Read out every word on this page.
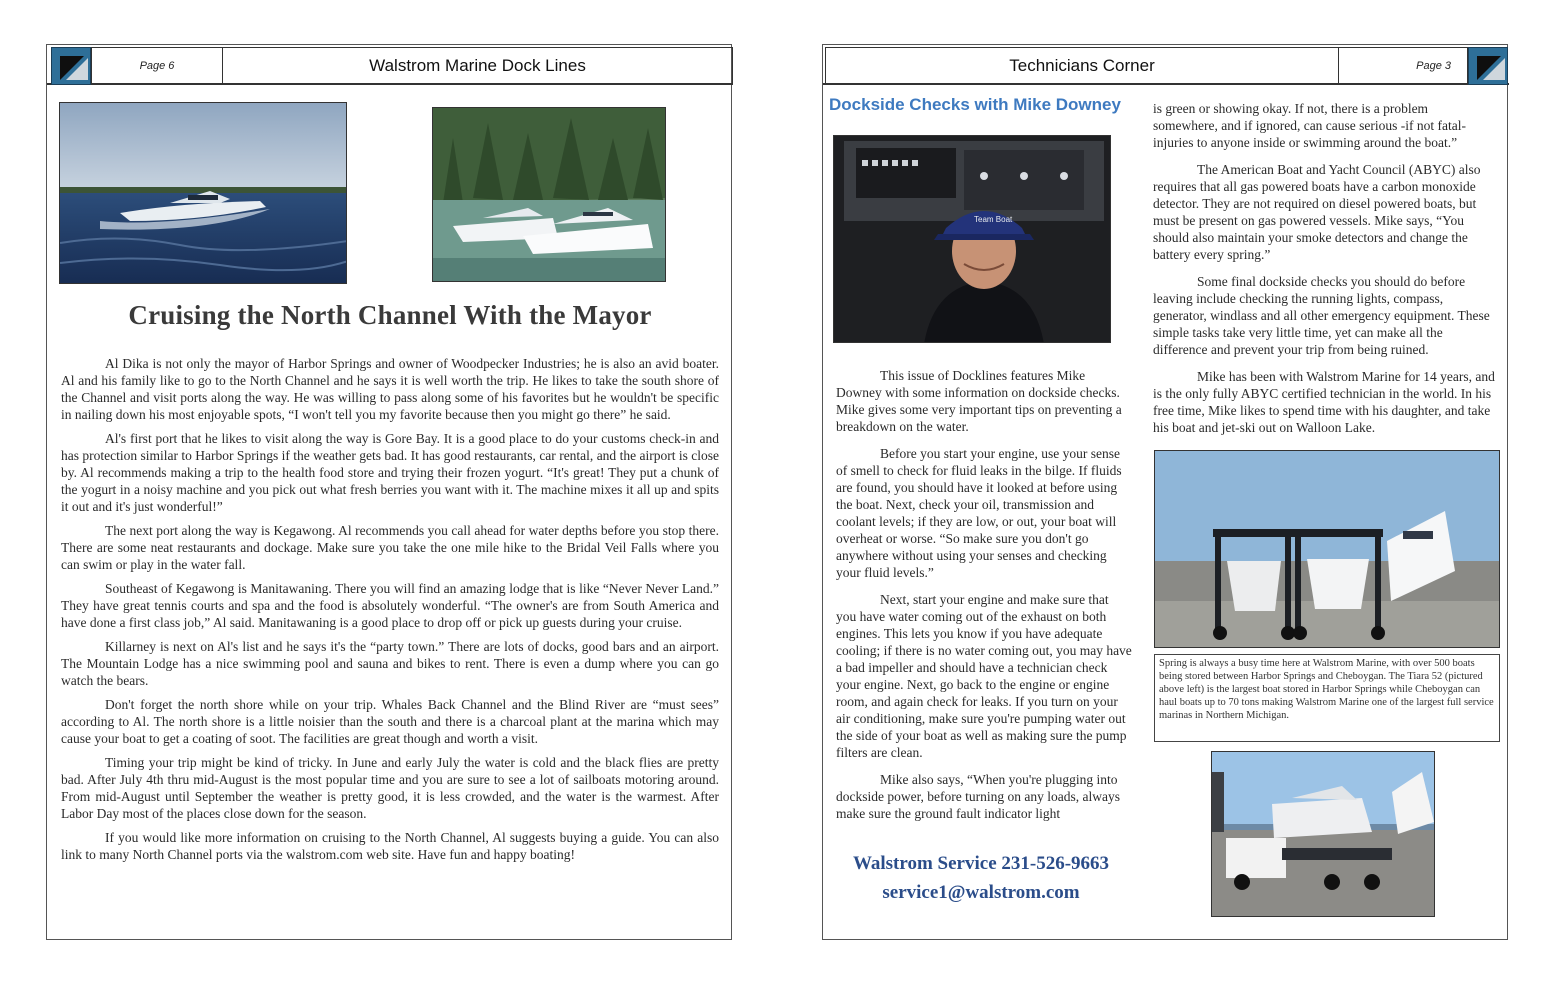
Page 6	Walstrom Marine Dock Lines
Cruising the North Channel With the Mayor

Al Dika is not only the mayor of Harbor Springs and owner of Woodpecker Industries; he is also an avid boater. Al and his family like to go to the North Channel and he says it is well worth the trip. He likes to take the south shore of the Channel and visit ports along the way. He was willing to pass along some of his favorites but he wouldn't be specific in nailing down his most enjoyable spots, “I won't tell you my favorite because then you might go there” he said.

Al's first port that he likes to visit along the way is Gore Bay. It is a good place to do your customs check-in and has protection similar to Harbor Springs if the weather gets bad. It has good restaurants, car rental, and the airport is close by. Al recommends making a trip to the health food store and trying their frozen yogurt. “It's great! They put a chunk of the yogurt in a noisy machine and you pick out what fresh berries you want with it. The machine mixes it all up and spits it out and it's just wonderful!”

The next port along the way is Kegawong. Al recommends you call ahead for water depths before you stop there. There are some neat restaurants and dockage. Make sure you take the one mile hike to the Bridal Veil Falls where you can swim or play in the water fall.

Southeast of Kegawong is Manitawaning. There you will find an amazing lodge that is like “Never Never Land.” They have great tennis courts and spa and the food is absolutely wonderful. “The owner's are from South America and have done a first class job,” Al said. Manitawaning is a good place to drop off or pick up guests during your cruise.

Killarney is next on Al's list and he says it's the “party town.” There are lots of docks, good bars and an airport. The Mountain Lodge has a nice swimming pool and sauna and bikes to rent. There is even a dump where you can go watch the bears.

Don't forget the north shore while on your trip. Whales Back Channel and the Blind River are “must sees” according to Al. The north shore is a little noisier than the south and there is a charcoal plant at the marina which may cause your boat to get a coating of soot. The facilities are great though and worth a visit.

Timing your trip might be kind of tricky. In June and early July the water is cold and the black flies are pretty bad. After July 4th thru mid-August is the most popular time and you are sure to see a lot of sailboats motoring around. From mid-August until September the weather is pretty good, it is less crowded, and the water is the warmest. After Labor Day most of the places close down for the season.

If you would like more information on cruising to the North Channel, Al suggests buying a guide. You can also link to many North Channel ports via the walstrom.com web site. Have fun and happy boating!

Technicians Corner	Page 3
Dockside Checks with Mike Downey
Team Boat

This issue of Docklines features Mike Downey with some information on dockside checks. Mike gives some very important tips on preventing a breakdown on the water.

Before you start your engine, use your sense of smell to check for fluid leaks in the bilge. If fluids are found, you should have it looked at before using the boat. Next, check your oil, transmission and coolant levels; if they are low, or out, your boat will overheat or worse. “So make sure you don't go anywhere without using your senses and checking your fluid levels.”

Next, start your engine and make sure that you have water coming out of the exhaust on both engines. This lets you know if you have adequate cooling; if there is no water coming out, you may have a bad impeller and should have a technician check your engine. Next, go back to the engine or engine room, and again check for leaks. If you turn on your air conditioning, make sure you're pumping water out the side of your boat as well as making sure the pump filters are clean.

Mike also says, “When you're plugging into dockside power, before turning on any loads, always make sure the ground fault indicator light

Walstrom Service 231-526-9663
service1@walstrom.com

is green or showing okay. If not, there is a problem somewhere, and if ignored, can cause serious -if not fatal- injuries to anyone inside or swimming around the boat.”

The American Boat and Yacht Council (ABYC) also requires that all gas powered boats have a carbon monoxide detector. They are not required on diesel powered boats, but must be present on gas powered vessels. Mike says, “You should also maintain your smoke detectors and change the battery every spring.”

Some final dockside checks you should do before leaving include checking the running lights, compass, generator, windlass and all other emergency equipment. These simple tasks take very little time, yet can make all the difference and prevent your trip from being ruined.

Mike has been with Walstrom Marine for 14 years, and is the only fully ABYC certified technician in the world. In his free time, Mike likes to spend time with his daughter, and take his boat and jet-ski out on Walloon Lake.

Spring is always a busy time here at Walstrom Marine, with over 500 boats being stored between Harbor Springs and Cheboygan. The Tiara 52 (pictured above left) is the largest boat stored in Harbor Springs while Cheboygan can haul boats up to 70 tons making Walstrom Marine one of the largest full service marinas in Northern Michigan.
